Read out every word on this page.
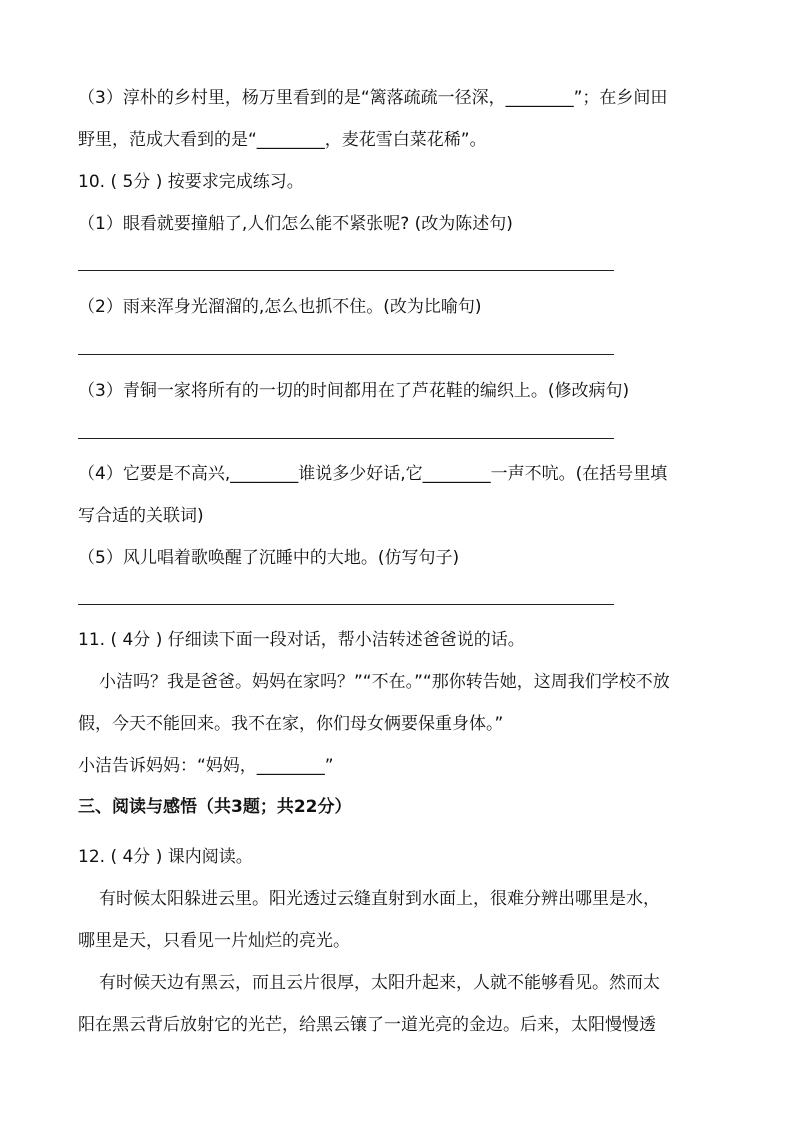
（3）淳朴的乡村里，杨万里看到的是“篱落疏疏一径深，________”；在乡间田
野里，范成大看到的是“________，麦花雪白菜花稀”。
10. ( 5分 ) 按要求完成练习。
（1）眼看就要撞船了,人们怎么能不紧张呢? (改为陈述句)
（2）雨来浑身光溜溜的,怎么也抓不住。(改为比喻句)
（3）青铜一家将所有的一切的时间都用在了芦花鞋的编织上。(修改病句)
（4）它要是不高兴,________谁说多少好话,它________一声不吭。(在括号里填
写合适的关联词)
（5）风儿唱着歌唤醒了沉睡中的大地。(仿写句子)
11. ( 4分 ) 仔细读下面一段对话，帮小洁转述爸爸说的话。
小洁吗？我是爸爸。妈妈在家吗？”“不在。”“那你转告她，这周我们学校不放
假，今天不能回来。我不在家，你们母女俩要保重身体。”
小洁告诉妈妈：“妈妈，________”
三、阅读与感悟（共3题；共22分）
12. ( 4分 ) 课内阅读。
有时候太阳躲进云里。阳光透过云缝直射到水面上，很难分辨出哪里是水，
哪里是天，只看见一片灿烂的亮光。
有时候天边有黑云，而且云片很厚，太阳升起来，人就不能够看见。然而太
阳在黑云背后放射它的光芒，给黑云镶了一道光亮的金边。后来，太阳慢慢透
